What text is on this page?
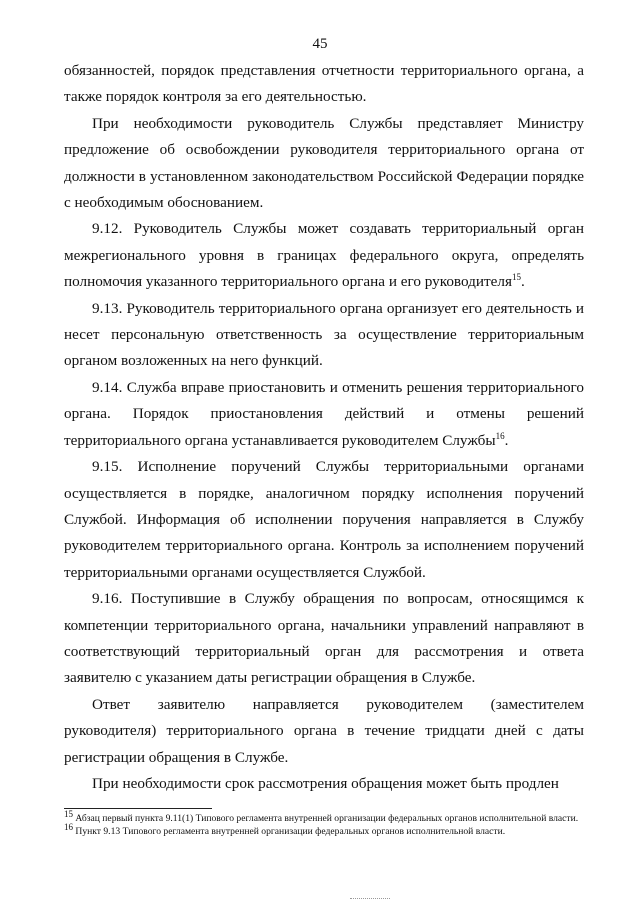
45

обязанностей, порядок представления отчетности территориального органа, а также порядок контроля за его деятельностью.

При необходимости руководитель Службы представляет Министру предложение об освобождении руководителя территориального органа от должности в установленном законодательством Российской Федерации порядке с необходимым обоснованием.

9.12. Руководитель Службы может создавать территориальный орган межрегионального уровня в границах федерального округа, определять полномочия указанного территориального органа и его руководителя$^{15}$.

9.13. Руководитель территориального органа организует его деятельность и несет персональную ответственность за осуществление территориальным органом возложенных на него функций.

9.14. Служба вправе приостановить и отменить решения территориального органа. Порядок приостановления действий и отмены решений территориального органа устанавливается руководителем Службы$^{16}$.

9.15. Исполнение поручений Службы территориальными органами осуществляется в порядке, аналогичном порядку исполнения поручений Службой. Информация об исполнении поручения направляется в Службу руководителем территориального органа. Контроль за исполнением поручений территориальными органами осуществляется Службой.

9.16. Поступившие в Службу обращения по вопросам, относящимся к компетенции территориального органа, начальники управлений направляют в соответствующий территориальный орган для рассмотрения и ответа заявителю с указанием даты регистрации обращения в Службе.

Ответ заявителю направляется руководителем (заместителем руководителя) территориального органа в течение тридцати дней с даты регистрации обращения в Службе.

При необходимости срок рассмотрения обращения может быть продлен

$^{15}$ Абзац первый пункта 9.11(1) Типового регламента внутренней организации федеральных органов исполнительной власти.

$^{16}$ Пункт 9.13 Типового регламента внутренней организации федеральных органов исполнительной власти.
